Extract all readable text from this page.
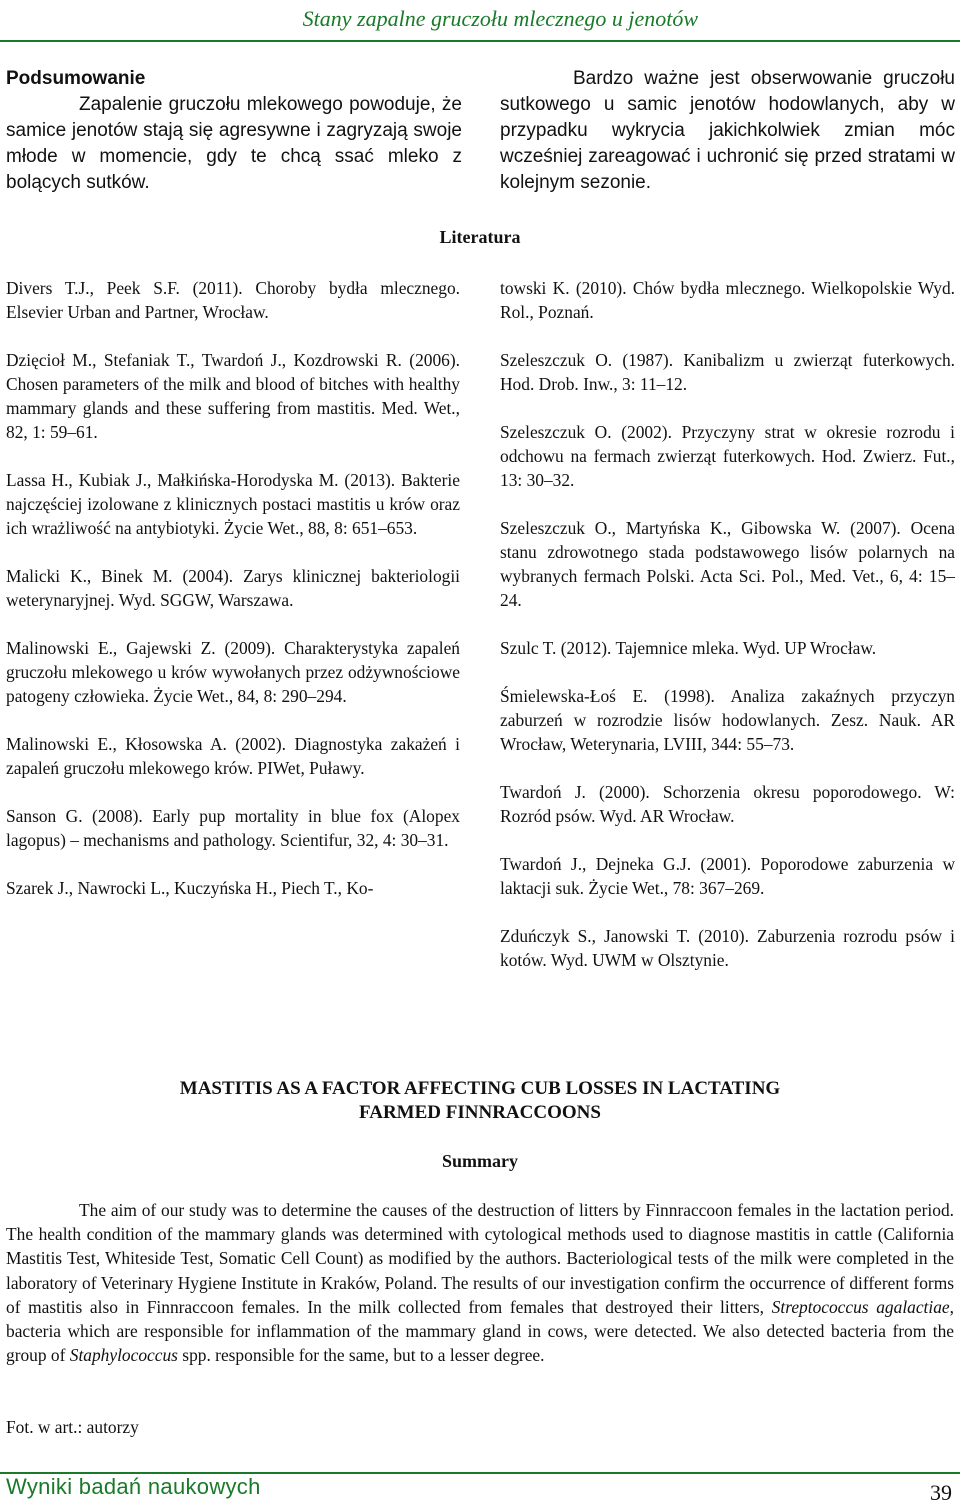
Stany zapalne gruczołu mlecznego u jenotów

Podsumowanie

Zapalenie gruczołu mlekowego powoduje, że samice jenotów stają się agresywne i zagryzają swoje młode w momencie, gdy te chcą ssać mleko z bolących sutków.

Bardzo ważne jest obserwowanie gruczołu sutkowego u samic jenotów hodowlanych, aby w przypadku wykrycia jakichkolwiek zmian móc wcześniej zareagować i uchronić się przed stratami w kolejnym sezonie.

Literatura

Divers T.J., Peek S.F. (2011). Choroby bydła mlecznego. Elsevier Urban and Partner, Wrocław.

Dzięcioł M., Stefaniak T., Twardoń J., Kozdrowski R. (2006). Chosen parameters of the milk and blood of bitches with healthy mammary glands and these suffering from mastitis. Med. Wet., 82, 1: 59–61.

Lassa H., Kubiak J., Małkińska-Horodyska M. (2013). Bakterie najczęściej izolowane z klinicznych postaci mastitis u krów oraz ich wrażliwość na antybiotyki. Życie Wet., 88, 8: 651–653.

Malicki K., Binek M. (2004). Zarys klinicznej bakteriologii weterynaryjnej. Wyd. SGGW, Warszawa.

Malinowski E., Gajewski Z. (2009). Charakterystyka zapaleń gruczołu mlekowego u krów wywołanych przez odżywnościowe patogeny człowieka. Życie Wet., 84, 8: 290–294.

Malinowski E., Kłosowska A. (2002). Diagnostyka zakażeń i zapaleń gruczołu mlekowego krów. PIWet, Puławy.

Sanson G. (2008). Early pup mortality in blue fox (Alopex lagopus) – mechanisms and pathology. Scientifur, 32, 4: 30–31.

Szarek J., Nawrocki L., Kuczyńska H., Piech T., Ko-

towski K. (2010). Chów bydła mlecznego. Wielkopolskie Wyd. Rol., Poznań.

Szeleszczuk O. (1987). Kanibalizm u zwierząt futerkowych. Hod. Drob. Inw., 3: 11–12.

Szeleszczuk O. (2002). Przyczyny strat w okresie rozrodu i odchowu na fermach zwierząt futerkowych. Hod. Zwierz. Fut., 13: 30–32.

Szeleszczuk O., Martyńska K., Gibowska W. (2007). Ocena stanu zdrowotnego stada podstawowego lisów polarnych na wybranych fermach Polski. Acta Sci. Pol., Med. Vet., 6, 4: 15–24.

Szulc T. (2012). Tajemnice mleka. Wyd. UP Wrocław.

Śmielewska-Łoś E. (1998). Analiza zakaźnych przyczyn zaburzeń w rozrodzie lisów hodowlanych. Zesz. Nauk. AR Wrocław, Weterynaria, LVIII, 344: 55–73.

Twardoń J. (2000). Schorzenia okresu poporodowego. W: Rozród psów. Wyd. AR Wrocław.

Twardoń J., Dejneka G.J. (2001). Poporodowe zaburzenia w laktacji suk. Życie Wet., 78: 367–269.

Zduńczyk S., Janowski T. (2010). Zaburzenia rozrodu psów i kotów. Wyd. UWM w Olsztynie.

MASTITIS AS A FACTOR AFFECTING CUB LOSSES IN LACTATING
FARMED FINNRACCOONS
Summary

The aim of our study was to determine the causes of the destruction of litters by Finnraccoon females in the lactation period. The health condition of the mammary glands was determined with cytological methods used to diagnose mastitis in cattle (California Mastitis Test, Whiteside Test, Somatic Cell Count) as modified by the authors. Bacteriological tests of the milk were completed in the laboratory of Veterinary Hygiene Institute in Kraków, Poland. The results of our investigation confirm the occurrence of different forms of mastitis also in Finnraccoon females. In the milk collected from females that destroyed their litters, Streptococcus agalactiae, bacteria which are responsible for inflammation of the mammary gland in cows, were detected. We also detected bacteria from the group of Staphylococcus spp. responsible for the same, but to a lesser degree.

Fot. w art.: autorzy
Wyniki badań naukowych	39
